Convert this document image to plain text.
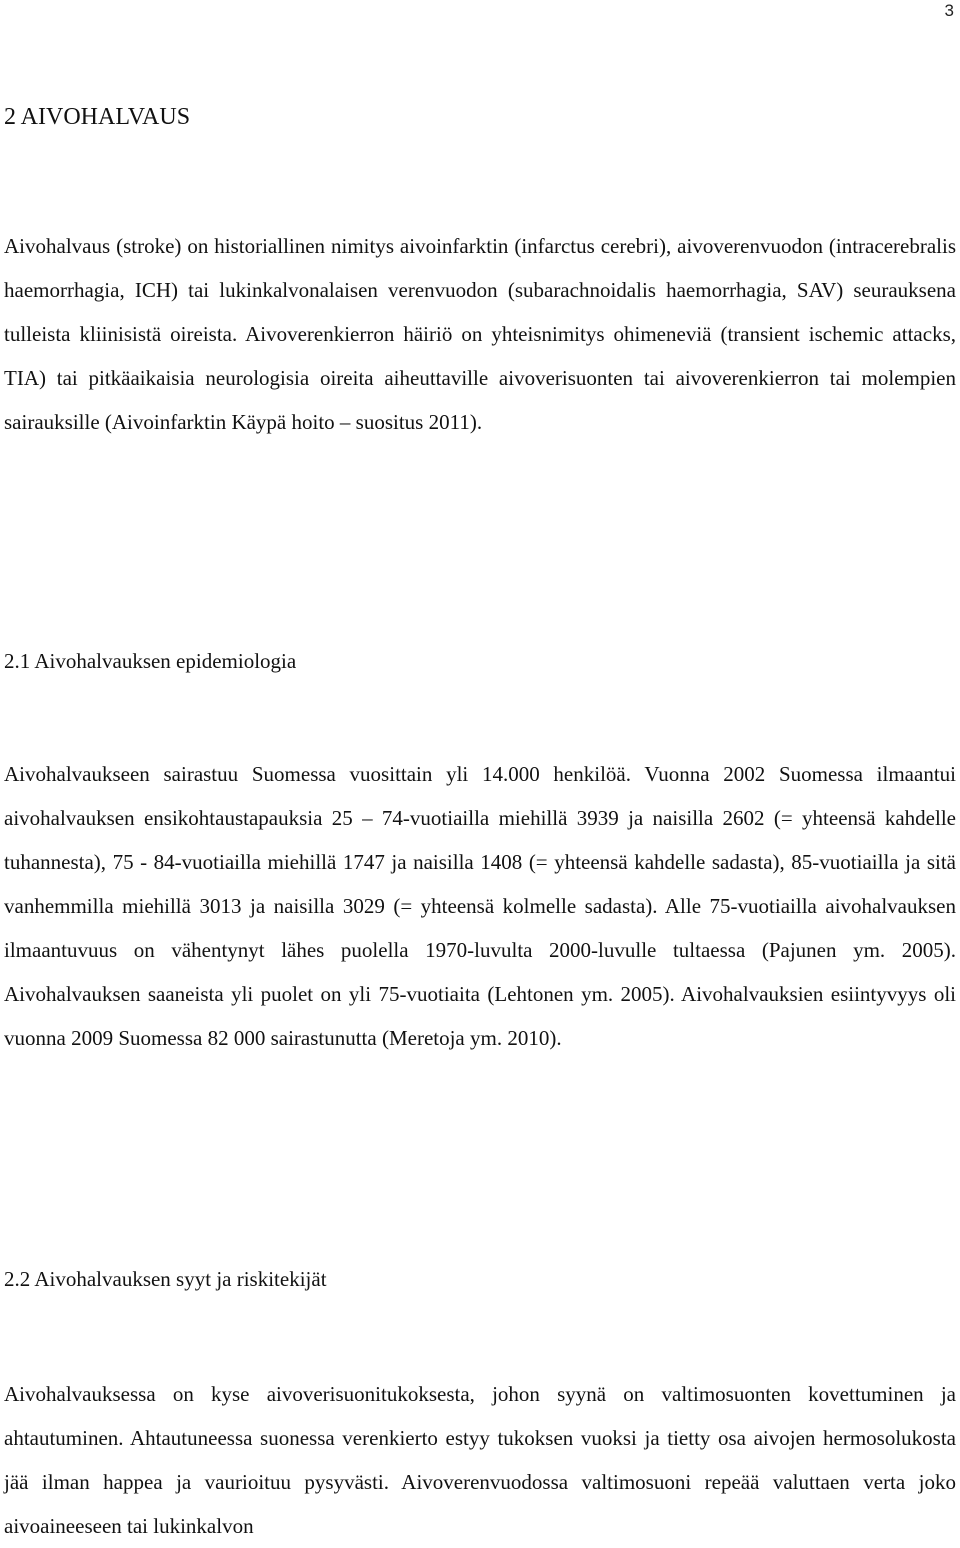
3
2 AIVOHALVAUS

Aivohalvaus (stroke) on historiallinen nimitys aivoinfarktin (infarctus cerebri), aivoverenvuodon (intracerebralis haemorrhagia, ICH) tai lukinkalvonalaisen verenvuodon (subarachnoidalis haemorrhagia, SAV) seurauksena tulleista kliinisistä oireista. Aivoverenkierron häiriö on yhteisnimitys ohimeneviä (transient ischemic attacks, TIA) tai pitkäaikaisia neurologisia oireita aiheuttaville aivoverisuonten tai aivoverenkierron tai molempien sairauksille (Aivoinfarktin Käypä hoito – suositus 2011).

2.1 Aivohalvauksen epidemiologia

Aivohalvaukseen sairastuu Suomessa vuosittain yli 14.000 henkilöä. Vuonna 2002 Suomessa ilmaantui aivohalvauksen ensikohtaustapauksia 25 – 74-vuotiailla miehillä 3939 ja naisilla 2602 (= yhteensä kahdelle tuhannesta), 75 - 84-vuotiailla miehillä 1747 ja naisilla 1408 (= yhteensä kahdelle sadasta), 85-vuotiailla ja sitä vanhemmilla miehillä 3013 ja naisilla 3029 (= yhteensä kolmelle sadasta). Alle 75-vuotiailla aivohalvauksen ilmaantuvuus on vähentynyt lähes puolella 1970-luvulta 2000-luvulle tultaessa (Pajunen ym. 2005). Aivohalvauksen saaneista yli puolet on yli 75-vuotiaita (Lehtonen ym. 2005). Aivohalvauksien esiintyvyys oli vuonna 2009 Suomessa 82 000 sairastunutta (Meretoja ym. 2010).

2.2 Aivohalvauksen syyt ja riskitekijät

Aivohalvauksessa on kyse aivoverisuonitukoksesta, johon syynä on valtimosuonten kovettuminen ja ahtautuminen. Ahtautuneessa suonessa verenkierto estyy tukoksen vuoksi ja tietty osa aivojen hermosolukosta jää ilman happea ja vaurioituu pysyvästi. Aivoverenvuodossa valtimosuoni repeää valuttaen verta joko aivoaineeseen tai lukinkalvon
